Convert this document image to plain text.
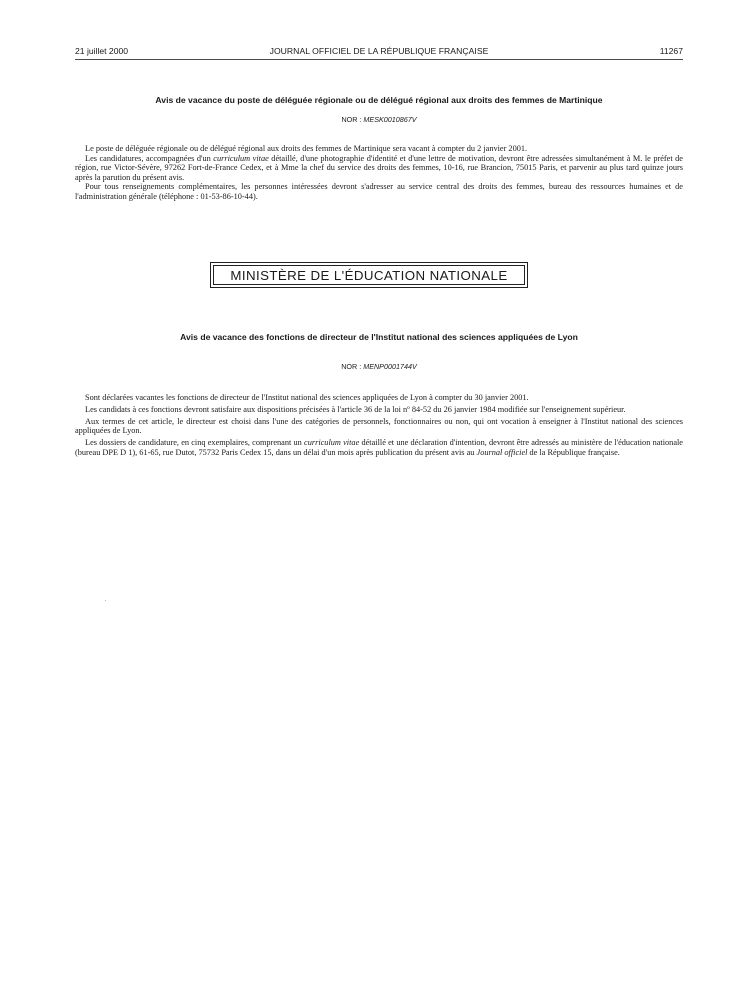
21 juillet 2000	JOURNAL OFFICIEL DE LA RÉPUBLIQUE FRANÇAISE	11267
Avis de vacance du poste de déléguée régionale ou de délégué régional aux droits des femmes de Martinique
NOR : MESK0010867V

Le poste de déléguée régionale ou de délégué régional aux droits des femmes de Martinique sera vacant à compter du 2 janvier 2001.

Les candidatures, accompagnées d'un curriculum vitae détaillé, d'une photographie d'identité et d'une lettre de motivation, devront être adressées simultanément à M. le préfet de région, rue Victor-Sévère, 97262 Fort-de-France Cedex, et à Mme la chef du service des droits des femmes, 10-16, rue Brancion, 75015 Paris, et parvenir au plus tard quinze jours après la parution du présent avis.

Pour tous renseignements complémentaires, les personnes intéressées devront s'adresser au service central des droits des femmes, bureau des ressources humaines et de l'administration générale (téléphone : 01-53-86-10-44).

MINISTÈRE DE L'ÉDUCATION NATIONALE
Avis de vacance des fonctions de directeur de l'Institut national des sciences appliquées de Lyon
NOR : MENP0001744V

Sont déclarées vacantes les fonctions de directeur de l'Institut national des sciences appliquées de Lyon à compter du 30 janvier 2001.

Les candidats à ces fonctions devront satisfaire aux dispositions précisées à l'article 36 de la loi nº 84-52 du 26 janvier 1984 modifiée sur l'enseignement supérieur.

Aux termes de cet article, le directeur est choisi dans l'une des catégories de personnels, fonctionnaires ou non, qui ont vocation à enseigner à l'Institut national des sciences appliquées de Lyon.

Les dossiers de candidature, en cinq exemplaires, comprenant un curriculum vitae détaillé et une déclaration d'intention, devront être adressés au ministère de l'éducation nationale (bureau DPE D 1), 61-65, rue Dutot, 75732 Paris Cedex 15, dans un délai d'un mois après publication du présent avis au Journal officiel de la République française.
